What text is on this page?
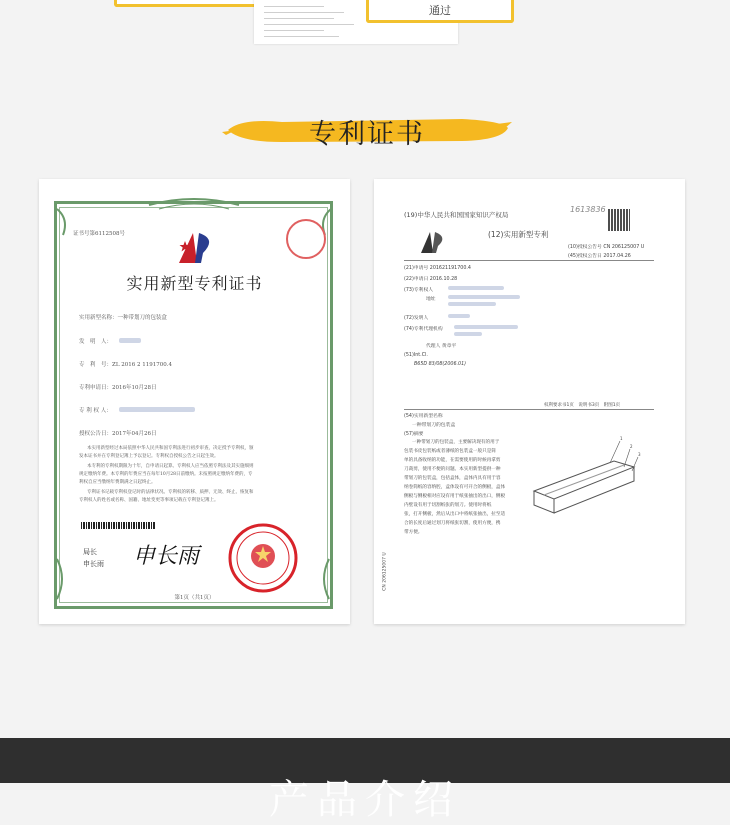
通过
专利证书
证书号第6112508号
实用新型专利证书
实用新型名称：一种带划刀的包装盒
发　明　人：
专　利　号：ZL 2016 2 1191700.4
专利申请日：2016年10月28日
专 利 权 人：
授权公告日：2017年04月26日
本实用新型经过本局依照中华人民共和国专利法进行初步审查，决定授予专利权，颁
发本证书并在专利登记簿上予以登记。专利权自授权公告之日起生效。
本专利的专利权期限为十年，自申请日起算。专利权人应当依照专利法及其实施细则
规定缴纳年费。本专利的年费应当在每年10月28日前缴纳。未按照规定缴纳年费的，专
利权自应当缴纳年费期满之日起终止。
专利证书记载专利权登记时的法律状况。专利权的转移、质押、无效、终止、恢复和
专利权人的姓名或名称、国籍、地址变更等事项记载在专利登记簿上。
局长
申长雨 申长雨
第1页（共1页）
(19)中华人民共和国国家知识产权局
1613836
(12)实用新型专利
(10)授权公告号 CN 206125007 U
(45)授权公告日 2017.04.26
(21)申请号 201621191700.4
(22)申请日 2016.10.28
(73)专利权人
地址
(72)发明人
(74)专利代理机构
代理人 黄章平
(51)Int.Cl.
B65D 83/08(2006.01)
权利要求书1页　说明书3页　附图1页
(54)实用新型名称
一种带划刀的包装盒
(57)摘要
一种带划刀的包装盒，主要解决现有的用于
包装书皮包装纸或者薄纸的包装盒一般只是简
单的具备收纳的功能，在需要使用的时候再拿剪
刀裁剪，使用不便的问题。本实用新型提供一种
带划刀的包装盒，包括盒体，盒体内具有用于容
纳卷筒纸的容纳腔，盒体设有可开合的侧板，盒体
侧板与侧板相对应设有用于纸张抽出的出口，侧板
内壁设有用于切割纸张的划刀。使用时将纸
张，打开侧板，然后从出口中将纸张抽出，拉至适
合的长度后通过划刀将纸张切割，使用方便，携
带方便。
1
2
3
CN 206125007 U
产品介绍
